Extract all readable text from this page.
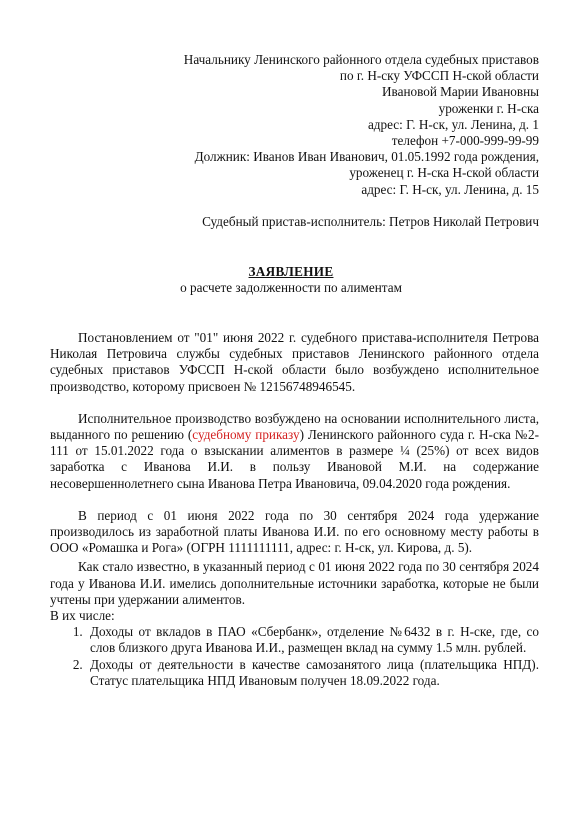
Начальнику Ленинского районного отдела судебных приставов
по г. Н-ску УФССП Н-ской области
Ивановой Марии Ивановны
уроженки г. Н-ска
адрес: Г. Н-ск, ул. Ленина, д. 1
телефон +7-000-999-99-99
Должник: Иванов Иван Иванович, 01.05.1992 года рождения,
уроженец г. Н-ска Н-ской области
адрес: Г. Н-ск, ул. Ленина, д. 15
Судебный пристав-исполнитель: Петров Николай Петрович
ЗАЯВЛЕНИЕ
о расчете задолженности по алиментам

Постановлением от "01" июня 2022 г. судебного пристава-исполнителя Петрова Николая Петровича службы судебных приставов Ленинского районного отдела судебных приставов УФССП Н-ской области было возбуждено исполнительное производство, которому присвоен № 12156748946545.

Исполнительное производство возбуждено на основании исполнительного листа, выданного по решению (судебному приказу) Ленинского районного суда г. Н-ска №2-111 от 15.01.2022 года о взыскании алиментов в размере ¼ (25%) от всех видов заработка с Иванова И.И. в пользу Ивановой М.И. на содержание несовершеннолетнего сына Иванова Петра Ивановича, 09.04.2020 года рождения.

В период с 01 июня 2022 года по 30 сентября 2024 года удержание производилось из заработной платы Иванова И.И. по его основному месту работы в ООО «Ромашка и Рога» (ОГРН 1111111111, адрес: г. Н-ск, ул. Кирова, д. 5).

Как стало известно, в указанный период с 01 июня 2022 года по 30 сентября 2024 года у Иванова И.И. имелись дополнительные источники заработка, которые не были учтены при удержании алиментов.

В их числе:

1. Доходы от вкладов в ПАО «Сбербанк», отделение №6432 в г. Н-ске, где, со слов близкого друга Иванова И.И., размещен вклад на сумму 1.5 млн. рублей.
2. Доходы от деятельности в качестве самозанятого лица (плательщика НПД). Статус плательщика НПД Ивановым получен 18.09.2022 года.
